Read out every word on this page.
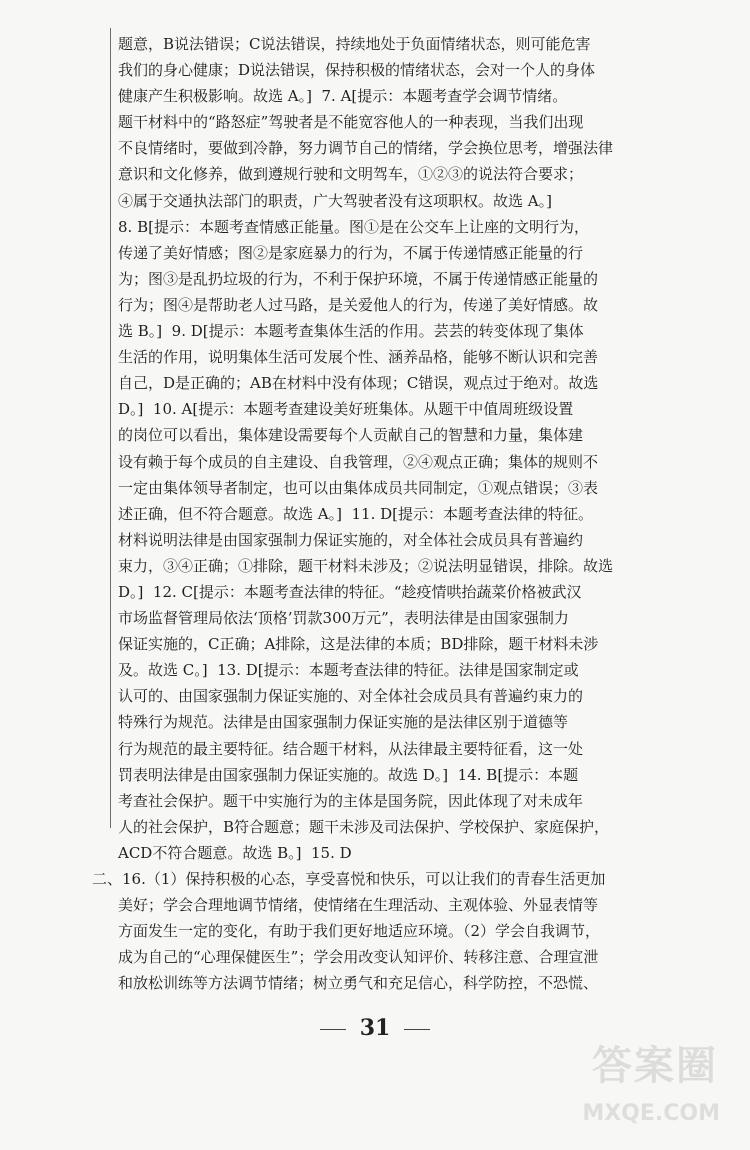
题意，B说法错误；C说法错误，持续地处于负面情绪状态，则可能危害
我们的身心健康；D说法错误，保持积极的情绪状态，会对一个人的身体
健康产生积极影响。故选 A。]  7. A[提示：本题考查学会调节情绪。
题干材料中的“路怒症”驾驶者是不能宽容他人的一种表现，当我们出现
不良情绪时，要做到冷静，努力调节自己的情绪，学会换位思考，增强法律
意识和文化修养，做到遵规行驶和文明驾车，①②③的说法符合要求；
④属于交通执法部门的职责，广大驾驶者没有这项职权。故选 A。]
8. B[提示：本题考查情感正能量。图①是在公交车上让座的文明行为，
传递了美好情感；图②是家庭暴力的行为，不属于传递情感正能量的行
为；图③是乱扔垃圾的行为，不利于保护环境，不属于传递情感正能量的
行为；图④是帮助老人过马路，是关爱他人的行为，传递了美好情感。故
选 B。]  9. D[提示：本题考查集体生活的作用。芸芸的转变体现了集体
生活的作用，说明集体生活可发展个性、涵养品格，能够不断认识和完善
自己，D是正确的；AB在材料中没有体现；C错误，观点过于绝对。故选
D。]  10. A[提示：本题考查建设美好班集体。从题干中值周班级设置
的岗位可以看出，集体建设需要每个人贡献自己的智慧和力量，集体建
设有赖于每个成员的自主建设、自我管理，②④观点正确；集体的规则不
一定由集体领导者制定，也可以由集体成员共同制定，①观点错误；③表
述正确，但不符合题意。故选 A。]  11. D[提示：本题考查法律的特征。
材料说明法律是由国家强制力保证实施的，对全体社会成员具有普遍约
束力，③④正确；①排除，题干材料未涉及；②说法明显错误，排除。故选
D。]  12. C[提示：本题考查法律的特征。“趁疫情哄抬蔬菜价格被武汉
市场监督管理局依法‘顶格’罚款300万元”，表明法律是由国家强制力
保证实施的，C正确；A排除，这是法律的本质；BD排除，题干材料未涉
及。故选 C。]  13. D[提示：本题考查法律的特征。法律是国家制定或
认可的、由国家强制力保证实施的、对全体社会成员具有普遍约束力的
特殊行为规范。法律是由国家强制力保证实施的是法律区别于道德等
行为规范的最主要特征。结合题干材料，从法律最主要特征看，这一处
罚表明法律是由国家强制力保证实施的。故选 D。]  14. B[提示：本题
考查社会保护。题干中实施行为的主体是国务院，因此体现了对未成年
人的社会保护，B符合题意；题干未涉及司法保护、学校保护、家庭保护，
ACD不符合题意。故选 B。]  15. D
二、16.（1）保持积极的心态，享受喜悦和快乐，可以让我们的青春生活更加
美好；学会合理地调节情绪，使情绪在生理活动、主观体验、外显表情等
方面发生一定的变化，有助于我们更好地适应环境。（2）学会自我调节，
成为自己的“心理保健医生”；学会用改变认知评价、转移注意、合理宣泄
和放松训练等方法调节情绪；树立勇气和充足信心，科学防控，不恐慌、
31
答案圈
MXQE.COM
